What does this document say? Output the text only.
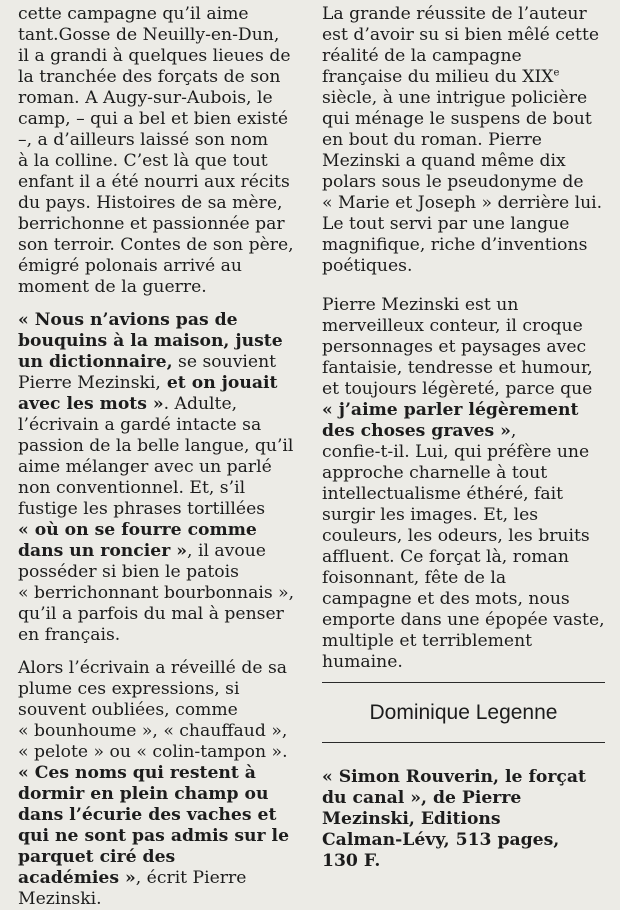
cette campagne qu’il aime

tant.Gosse de Neuilly-en-Dun,

il a grandi à quelques lieues de

la tranchée des forçats de son

roman. A Augy-sur-Aubois, le

camp, – qui a bel et bien existé

–, a d’ailleurs laissé son nom

à la colline. C’est là que tout

enfant il a été nourri aux récits

du pays. Histoires de sa mère,

berrichonne et passionnée par

son terroir. Contes de son père,

émigré polonais arrivé au

moment de la guerre.

« Nous n’avions pas de

bouquins à la maison, juste

un dictionnaire, se souvient

Pierre Mezinski, et on jouait

avec les mots ». Adulte,

l’écrivain a gardé intacte sa

passion de la belle langue, qu’il

aime mélanger avec un parlé

non conventionnel. Et, s’il

fustige les phrases tortillées

« où on se fourre comme

dans un roncier », il avoue

posséder si bien le patois

« berrichonnant bourbonnais »,

qu’il a parfois du mal à penser

en français.

Alors l’écrivain a réveillé de sa

plume ces expressions, si

souvent oubliées, comme

« bounhoume », « chauffaud »,

« pelote » ou « colin-tampon ».

« Ces noms qui restent à

dormir en plein champ ou

dans l’écurie des vaches et

qui ne sont pas admis sur le

parquet ciré des

académies », écrit Pierre

Mezinski.

La grande réussite de l’auteur

est d’avoir su si bien mêlé cette

réalité de la campagne

française du milieu du XIXe

siècle, à une intrigue policière

qui ménage le suspens de bout

en bout du roman. Pierre

Mezinski a quand même dix

polars sous le pseudonyme de

« Marie et Joseph » derrière lui.

Le tout servi par une langue

magnifique, riche d’inventions

poétiques.

Pierre Mezinski est un

merveilleux conteur, il croque

personnages et paysages avec

fantaisie, tendresse et humour,

et toujours légèreté, parce que

« j’aime parler légèrement

des choses graves »,

confie-t-il. Lui, qui préfère une

approche charnelle à tout

intellectualisme éthéré, fait

surgir les images. Et, les

couleurs, les odeurs, les bruits

affluent. Ce forçat là, roman

foisonnant, fête de la

campagne et des mots, nous

emporte dans une épopée vaste,

multiple et terriblement

humaine.

Dominique Legenne

« Simon Rouverin, le forçat

du canal », de Pierre

Mezinski, Editions

Calman-Lévy, 513 pages,

130 F.
